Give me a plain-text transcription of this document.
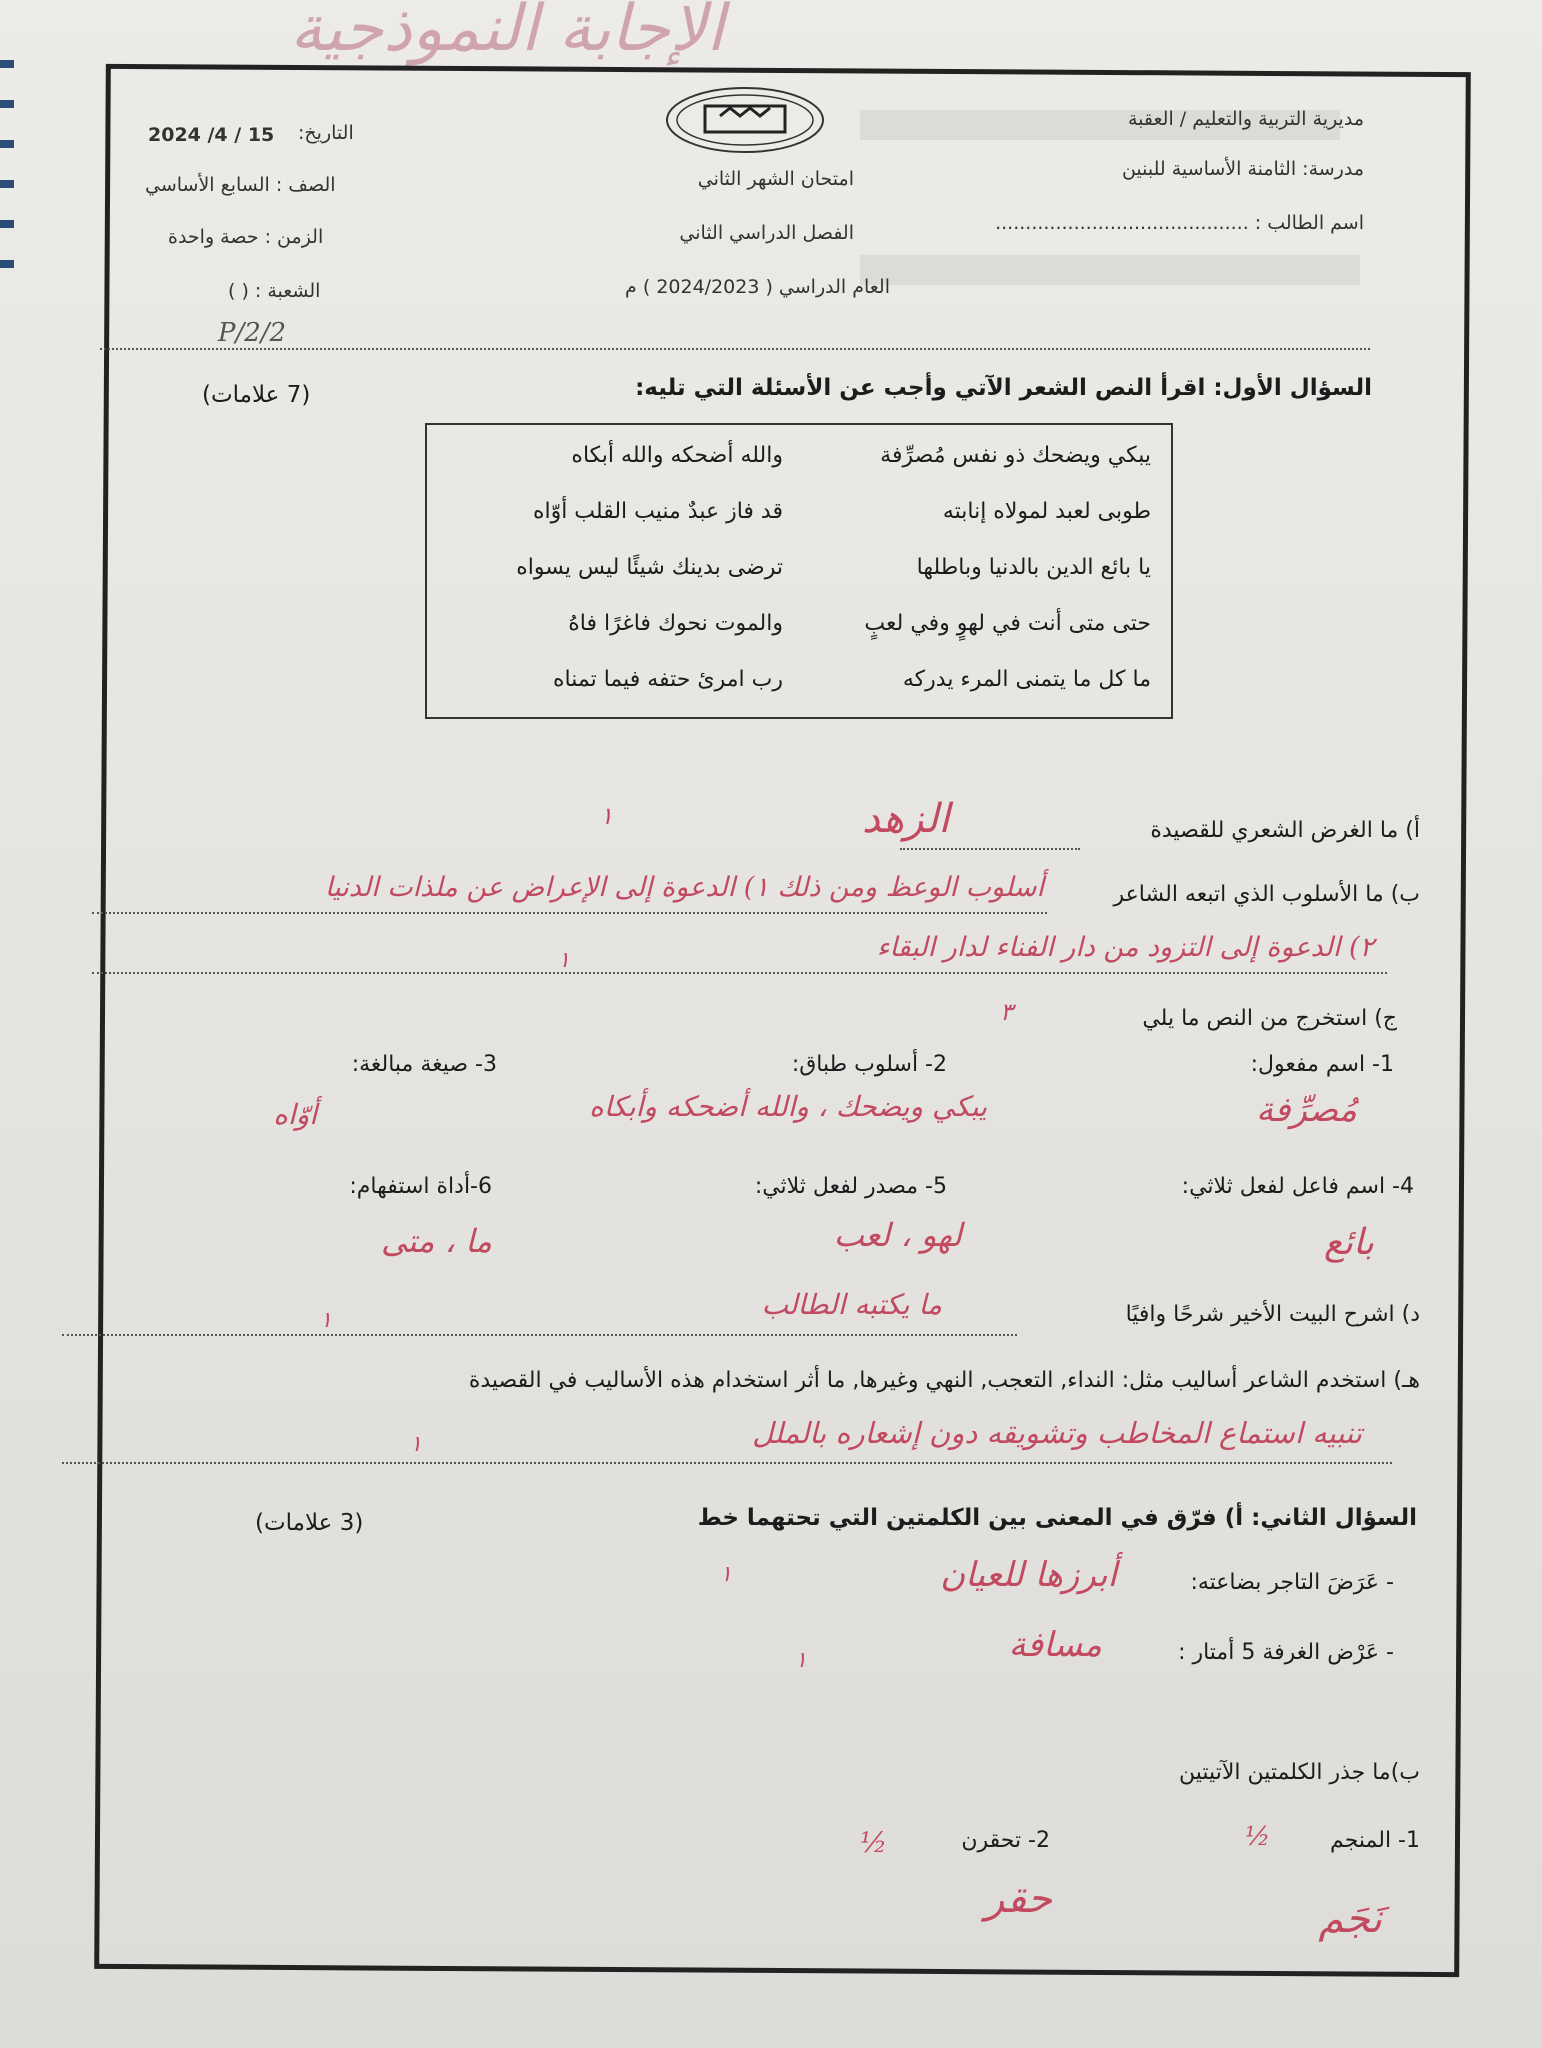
الإجابة النموذجية
مديرية التربية والتعليم / العقبة
مدرسة: الثامنة الأساسية للبنين
اسم الطالب : ..........................................
امتحان الشهر الثاني
الفصل الدراسي الثاني
العام الدراسي ( 2024/2023 ) م
التاريخ:
2024 /4 / 15
الصف : السابع الأساسي
الزمن : حصة واحدة
الشعبة : ( )
P/2/2
السؤال الأول: اقرأ النص الشعر الآتي وأجب عن الأسئلة التي تليه:
(7 علامات)
يبكي ويضحك ذو نفس مُصرِّفة
والله أضحكه والله أبكاه
طوبى لعبد لمولاه إنابته
قد فاز عبدٌ منيب القلب أوّاه
يا بائع الدين بالدنيا وباطلها
ترضى بدينك شيئًا ليس يسواه
حتى متى أنت في لهوٍ وفي لعبٍ
والموت نحوك فاغرًا فاهُ
ما كل ما يتمنى المرء يدركه
رب امرئ حتفه فيما تمناه
أ) ما الغرض الشعري للقصيدة
الزهد
١
ب) ما الأسلوب الذي اتبعه الشاعر
أسلوب الوعظ ومن ذلك ١) الدعوة إلى الإعراض عن ملذات الدنيا
٢) الدعوة إلى التزود من دار الفناء لدار البقاء
١
ج) استخرج من النص ما يلي
٣
1- اسم مفعول:
2- أسلوب طباق:
3- صيغة مبالغة:
مُصرِّفة
يبكي ويضحك ، والله أضحكه وأبكاه
أوّاه
4- اسم فاعل لفعل ثلاثي:
5- مصدر لفعل ثلاثي:
6-أداة استفهام:
بائع
لهو ، لعب
ما ، متى
د) اشرح البيت الأخير شرحًا وافيًا
ما يكتبه الطالب
١
هـ) استخدم الشاعر أساليب مثل: النداء, التعجب, النهي وغيرها, ما أثر استخدام هذه الأساليب في القصيدة
تنبيه استماع المخاطب وتشويقه دون إشعاره بالملل
١
السؤال الثاني: أ) فرّق في المعنى بين الكلمتين التي تحتهما خط
(3 علامات)
- عَرَضَ التاجر بضاعته:
أبرزها للعيان
١
- عَرْض الغرفة 5 أمتار :
مسافة
١
ب)ما جذر الكلمتين الآتيتين
1- المنجم
2- تحقرن	½
½
نَجَم
حقر
